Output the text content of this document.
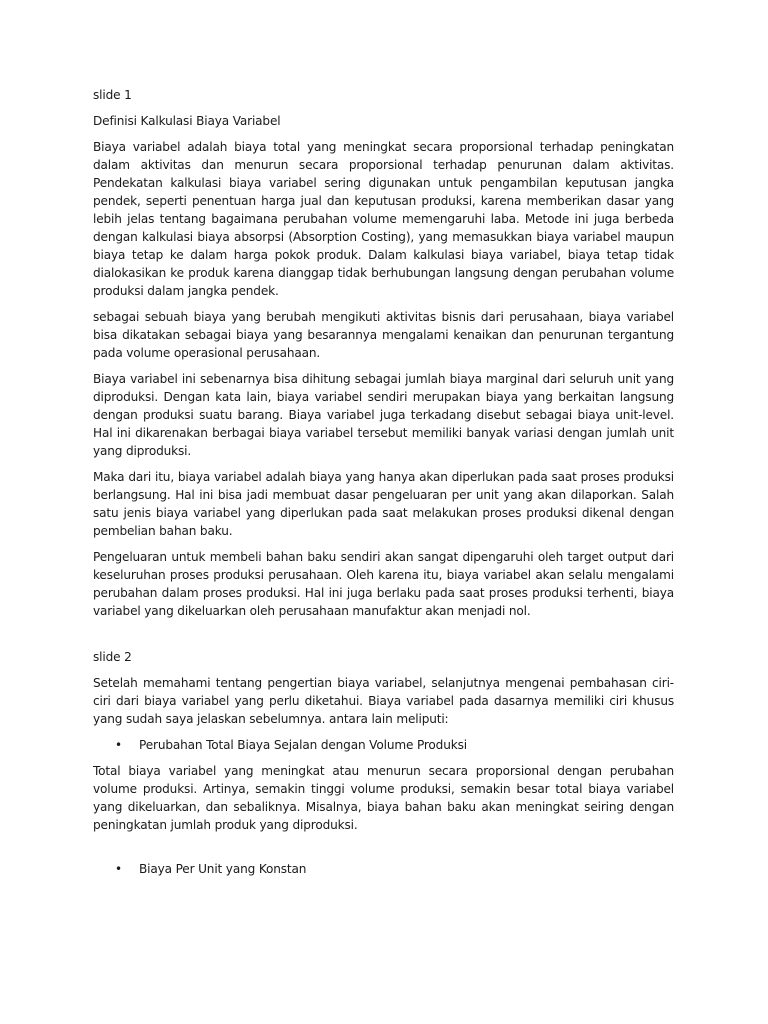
slide 1
Definisi Kalkulasi Biaya Variabel

Biaya variabel adalah biaya total yang meningkat secara proporsional terhadap peningkatan dalam aktivitas dan menurun secara proporsional terhadap penurunan dalam aktivitas. Pendekatan kalkulasi biaya variabel sering digunakan untuk pengambilan keputusan jangka pendek, seperti penentuan harga jual dan keputusan produksi, karena memberikan dasar yang lebih jelas tentang bagaimana perubahan volume memengaruhi laba. Metode ini juga berbeda dengan kalkulasi biaya absorpsi (Absorption Costing), yang memasukkan biaya variabel maupun biaya tetap ke dalam harga pokok produk. Dalam kalkulasi biaya variabel, biaya tetap tidak dialokasikan ke produk karena dianggap tidak berhubungan langsung dengan perubahan volume produksi dalam jangka pendek.

sebagai sebuah biaya yang berubah mengikuti aktivitas bisnis dari perusahaan, biaya variabel bisa dikatakan sebagai biaya yang besarannya mengalami kenaikan dan penurunan tergantung pada volume operasional perusahaan.

Biaya variabel ini sebenarnya bisa dihitung sebagai jumlah biaya marginal dari seluruh unit yang diproduksi. Dengan kata lain, biaya variabel sendiri merupakan biaya yang berkaitan langsung dengan produksi suatu barang. Biaya variabel juga terkadang disebut sebagai biaya unit-level. Hal ini dikarenakan berbagai biaya variabel tersebut memiliki banyak variasi dengan jumlah unit yang diproduksi.

Maka dari itu, biaya variabel adalah biaya yang hanya akan diperlukan pada saat proses produksi berlangsung. Hal ini bisa jadi membuat dasar pengeluaran per unit yang akan dilaporkan. Salah satu jenis biaya variabel yang diperlukan pada saat melakukan proses produksi dikenal dengan pembelian bahan baku.

Pengeluaran untuk membeli bahan baku sendiri akan sangat dipengaruhi oleh target output dari keseluruhan proses produksi perusahaan. Oleh karena itu, biaya variabel akan selalu mengalami perubahan dalam proses produksi. Hal ini juga berlaku pada saat proses produksi terhenti, biaya variabel yang dikeluarkan oleh perusahaan manufaktur akan menjadi nol.

slide 2

Setelah memahami tentang pengertian biaya variabel, selanjutnya mengenai pembahasan ciri-ciri dari biaya variabel yang perlu diketahui. Biaya variabel pada dasarnya memiliki ciri khusus yang sudah saya jelaskan sebelumnya. antara lain meliputi:

• Perubahan Total Biaya Sejalan dengan Volume Produksi

Total biaya variabel yang meningkat atau menurun secara proporsional dengan perubahan volume produksi. Artinya, semakin tinggi volume produksi, semakin besar total biaya variabel yang dikeluarkan, dan sebaliknya. Misalnya, biaya bahan baku akan meningkat seiring dengan peningkatan jumlah produk yang diproduksi.

• Biaya Per Unit yang Konstan
